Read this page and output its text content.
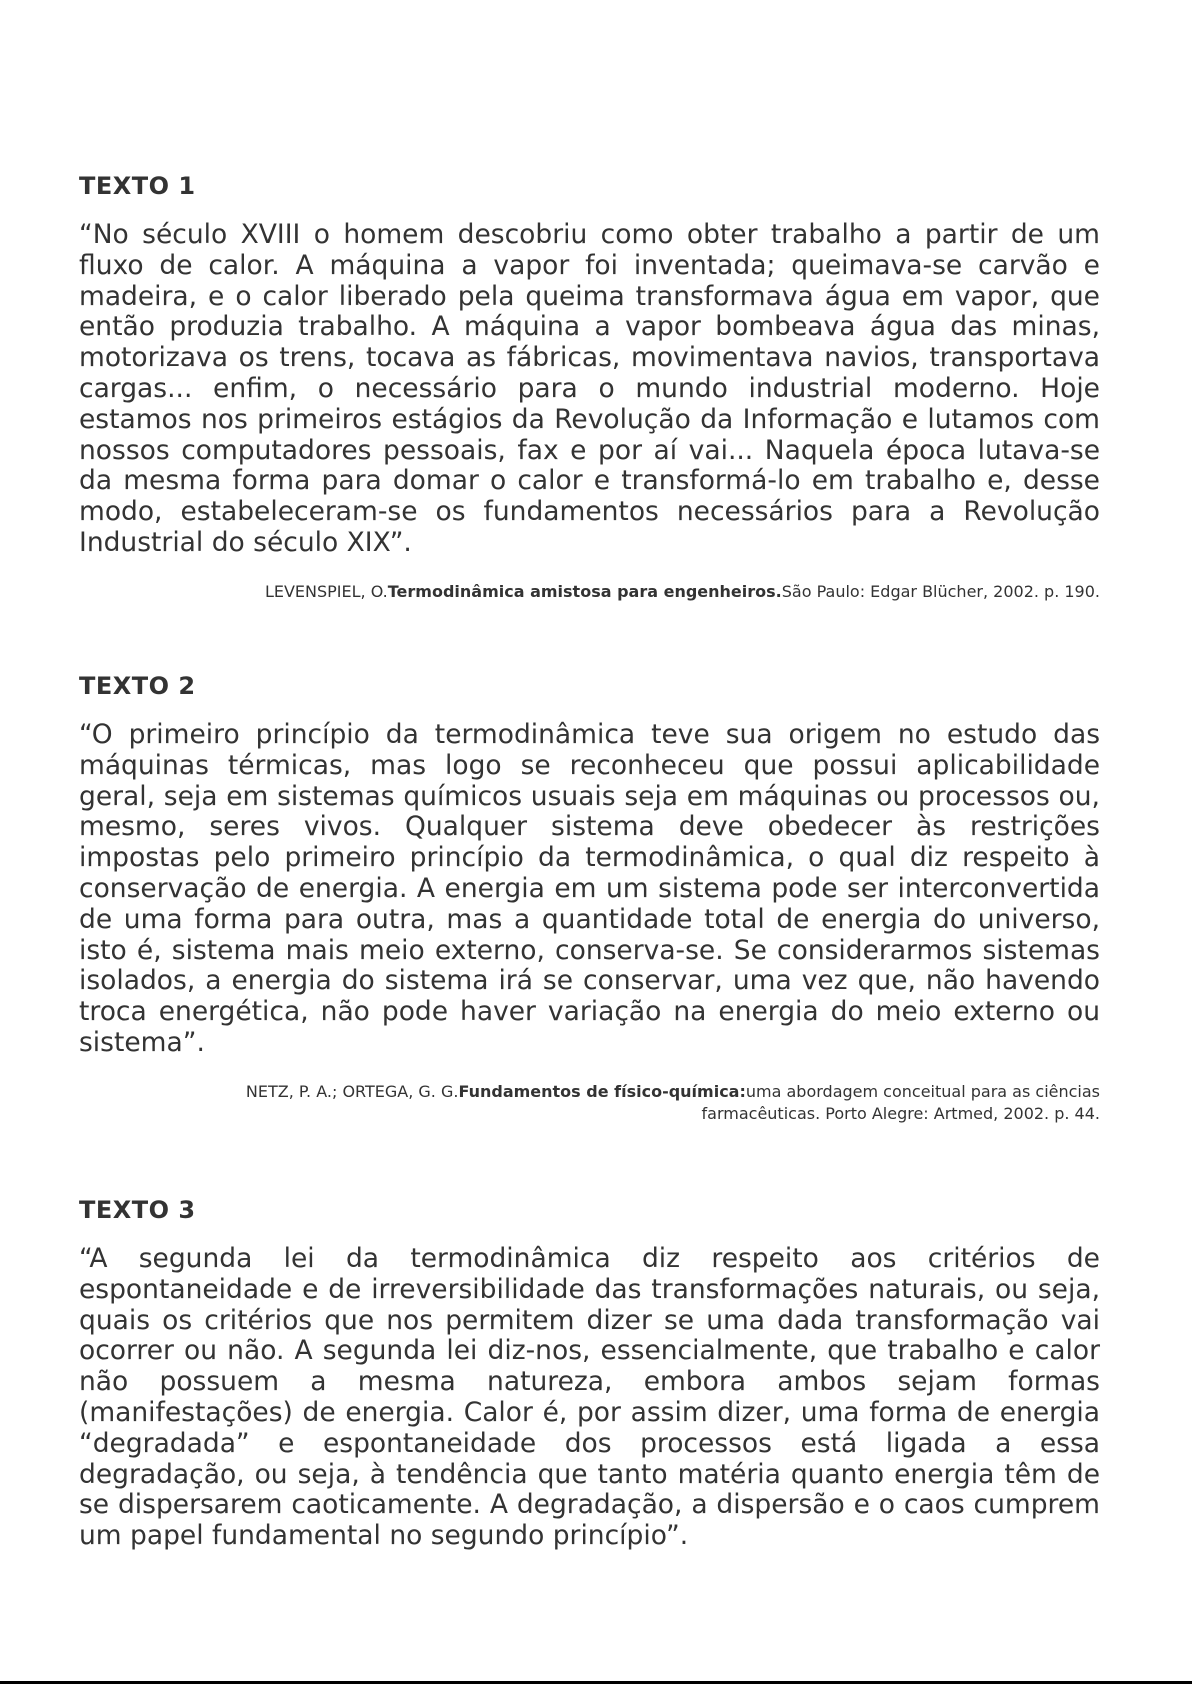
TEXTO 1

“No século XVIII o homem descobriu como obter trabalho a partir de um fluxo de calor. A máquina a vapor foi inventada; queimava-se carvão e madeira, e o calor liberado pela queima transformava água em vapor, que então produzia trabalho. A máquina a vapor bombeava água das minas, motorizava os trens, tocava as fábricas, movimentava navios, transportava cargas... enfim, o necessário para o mundo industrial moderno. Hoje estamos nos primeiros estágios da Revolução da Informação e lutamos com nossos computadores pessoais, fax e por aí vai... Naquela época lutava-se da mesma forma para domar o calor e transformá-lo em trabalho e, desse modo, estabeleceram-se os fundamentos necessários para a Revolução Industrial do século XIX”.

LEVENSPIEL, O.Termodinâmica amistosa para engenheiros.São Paulo: Edgar Blücher, 2002. p. 190.
TEXTO 2

“O primeiro princípio da termodinâmica teve sua origem no estudo das máquinas térmicas, mas logo se reconheceu que possui aplicabilidade geral, seja em sistemas químicos usuais seja em máquinas ou processos ou, mesmo, seres vivos. Qualquer sistema deve obedecer às restrições impostas pelo primeiro princípio da termodinâmica, o qual diz respeito à conservação de energia. A energia em um sistema pode ser interconvertida de uma forma para outra, mas a quantidade total de energia do universo, isto é, sistema mais meio externo, conserva-se. Se considerarmos sistemas isolados, a energia do sistema irá se conservar, uma vez que, não havendo troca energética, não pode haver variação na energia do meio externo ou sistema”.

NETZ, P. A.; ORTEGA, G. G.Fundamentos de físico-química:uma abordagem conceitual para as ciências farmacêuticas. Porto Alegre: Artmed, 2002. p. 44.
TEXTO 3

“A segunda lei da termodinâmica diz respeito aos critérios de espontaneidade e de irreversibilidade das transformações naturais, ou seja, quais os critérios que nos permitem dizer se uma dada transformação vai ocorrer ou não. A segunda lei diz-nos, essencialmente, que trabalho e calor não possuem a mesma natureza, embora ambos sejam formas (manifestações) de energia. Calor é, por assim dizer, uma forma de energia “degradada” e espontaneidade dos processos está ligada a essa degradação, ou seja, à tendência que tanto matéria quanto energia têm de se dispersarem caoticamente. A degradação, a dispersão e o caos cumprem um papel fundamental no segundo princípio”.
